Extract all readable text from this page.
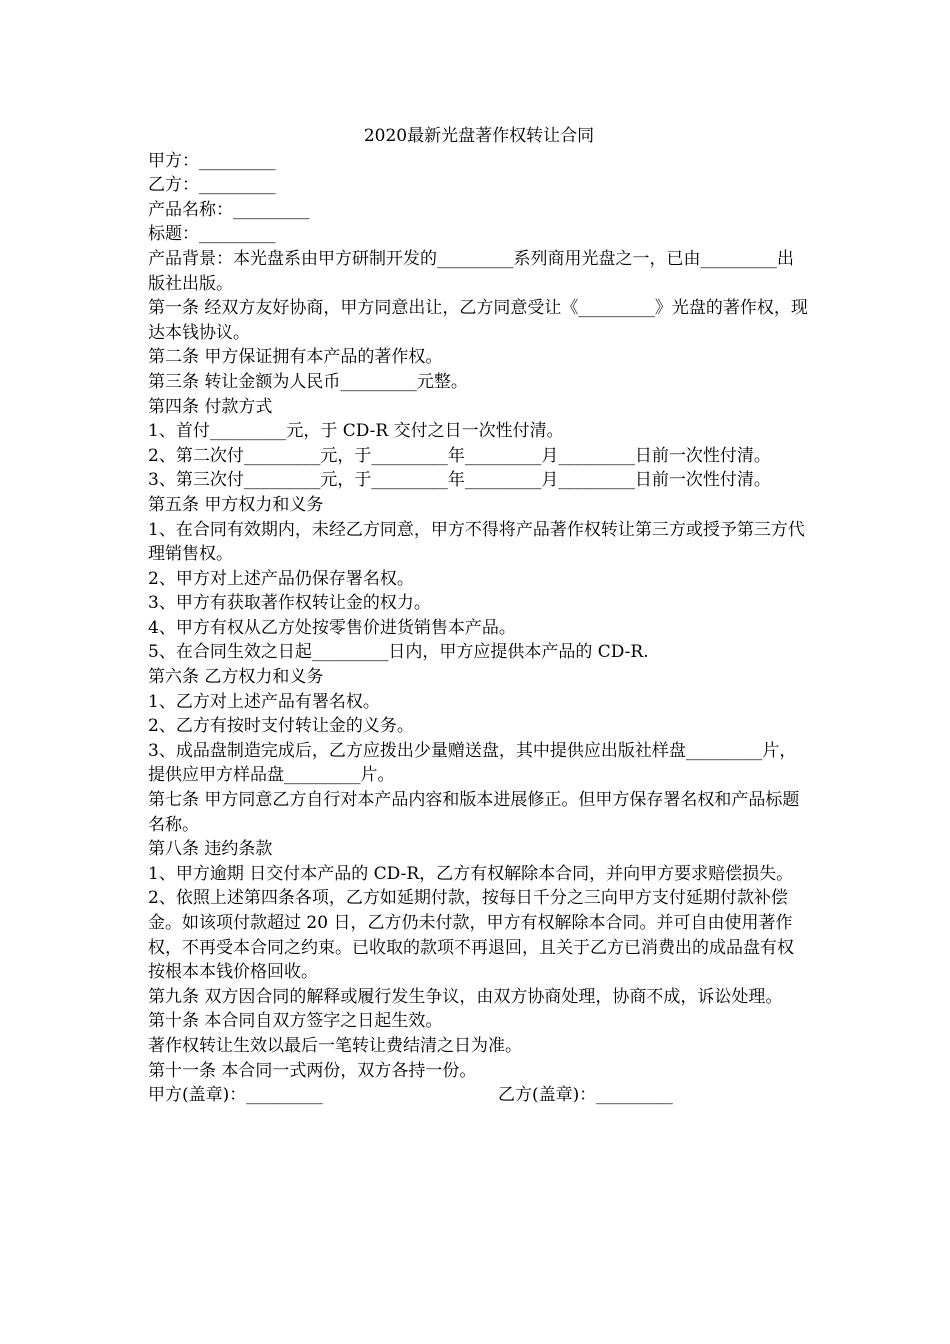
2020最新光盘著作权转让合同

甲方：_________

乙方：_________

产品名称：_________

标题：_________

产品背景：本光盘系由甲方研制开发的_________系列商用光盘之一，已由_________出版社出版。

第一条 经双方友好协商，甲方同意出让，乙方同意受让《_________》光盘的著作权，现达本钱协议。

第二条 甲方保证拥有本产品的著作权。

第三条 转让金额为人民币_________元整。

第四条 付款方式

1、首付_________元，于 CD-R 交付之日一次性付清。

2、第二次付_________元，于_________年_________月_________日前一次性付清。

3、第三次付_________元，于_________年_________月_________日前一次性付清。

第五条 甲方权力和义务

1、在合同有效期内，未经乙方同意，甲方不得将产品著作权转让第三方或授予第三方代理销售权。

2、甲方对上述产品仍保存署名权。

3、甲方有获取著作权转让金的权力。

4、甲方有权从乙方处按零售价进货销售本产品。

5、在合同生效之日起_________日内，甲方应提供本产品的 CD-R.

第六条 乙方权力和义务

1、乙方对上述产品有署名权。

2、乙方有按时支付转让金的义务。

3、成品盘制造完成后，乙方应拨出少量赠送盘，其中提供应出版社样盘_________片，提供应甲方样品盘_________片。

第七条 甲方同意乙方自行对本产品内容和版本进展修正。但甲方保存署名权和产品标题名称。

第八条 违约条款

1、甲方逾期 日交付本产品的 CD-R，乙方有权解除本合同，并向甲方要求赔偿损失。

2、依照上述第四条各项，乙方如延期付款，按每日千分之三向甲方支付延期付款补偿金。如该项付款超过 20 日，乙方仍未付款，甲方有权解除本合同。并可自由使用著作权，不再受本合同之约束。已收取的款项不再退回，且关于乙方已消费出的成品盘有权按根本本钱价格回收。

第九条 双方因合同的解释或履行发生争议，由双方协商处理，协商不成，诉讼处理。

第十条 本合同自双方签字之日起生效。

著作权转让生效以最后一笔转让费结清之日为准。

第十一条 本合同一式两份，双方各持一份。

甲方(盖章)：_________	乙方(盖章)：_________
